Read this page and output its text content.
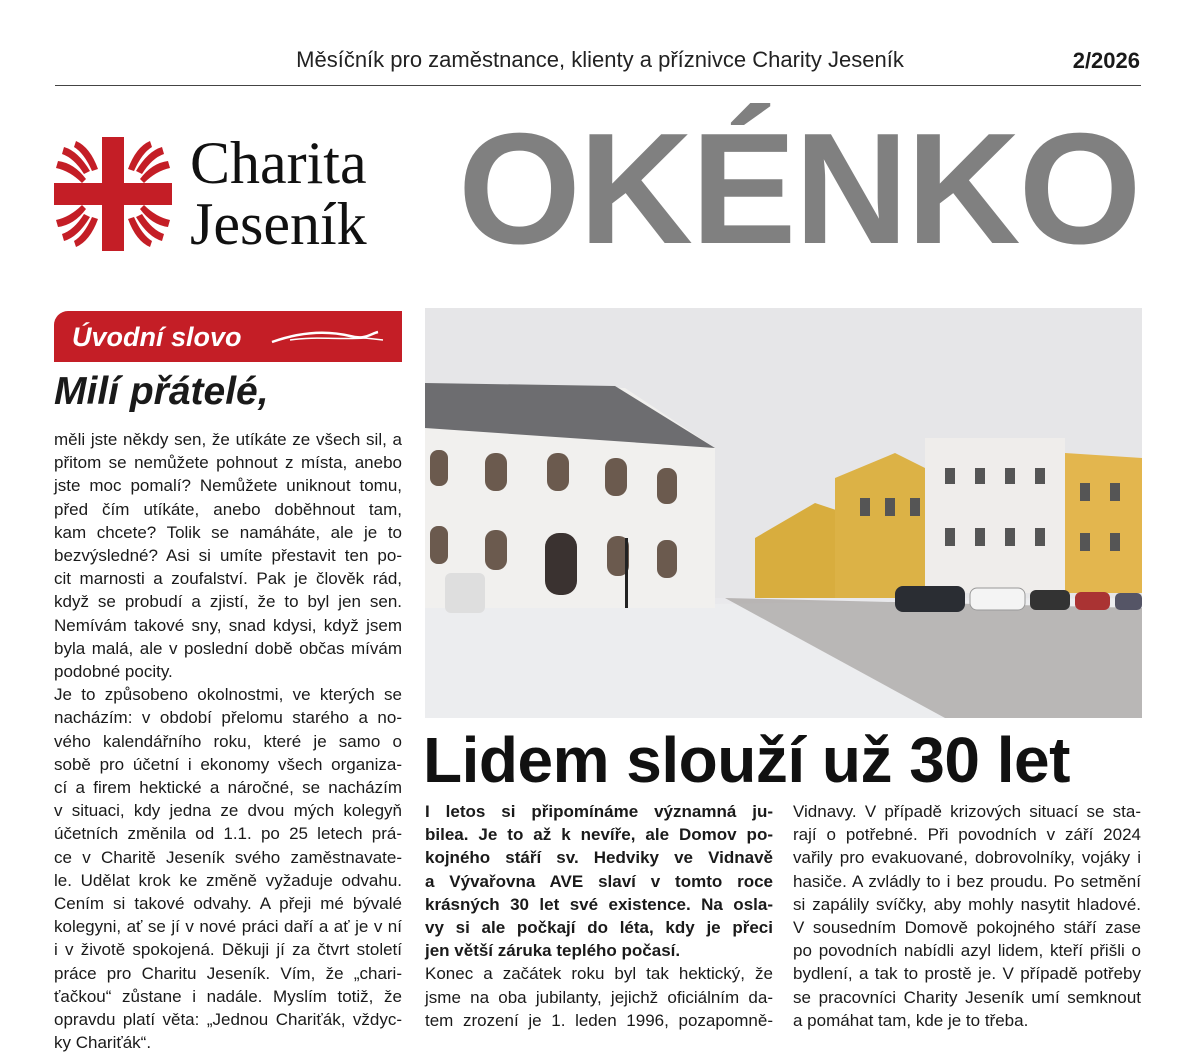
Měsíčník pro zaměstnance, klienty a příznivce Charity Jeseník	2/2026
Charita
Jeseník OKÉNKO
Úvodní slovo
Milí přátelé,
měli jste někdy sen, že utíkáte ze všech sil, a
přitom se nemůžete pohnout z místa, anebo
jste moc pomalí? Nemůžete uniknout tomu,
před čím utíkáte, anebo doběhnout tam,
kam chcete? Tolik se namáháte, ale je to
bezvýsledné? Asi si umíte přestavit ten po-
cit marnosti a zoufalství. Pak je člověk rád,
když se probudí a zjistí, že to byl jen sen.
Nemívám takové sny, snad kdysi, když jsem
byla malá, ale v poslední době občas mívám
podobné pocity.
Je to způsobeno okolnostmi, ve kterých se
nacházím: v období přelomu starého a no-
vého kalendářního roku, které je samo o
sobě pro účetní i ekonomy všech organiza-
cí a firem hektické a náročné, se nacházím
v situaci, kdy jedna ze dvou mých kolegyň
účetních změnila od 1.1. po 25 letech prá-
ce v Charitě Jeseník svého zaměstnavate-
le. Udělat krok ke změně vyžaduje odvahu.
Cením si takové odvahy. A přeji mé bývalé
kolegyni, ať se jí v nové práci daří a ať je v ní
i v životě spokojená. Děkuji jí za čtvrt století
práce pro Charitu Jeseník. Vím, že „chari-
ťačkou“ zůstane i nadále. Myslím totiž, že
opravdu platí věta: „Jednou Chariťák, vždyc-
ky Chariťák“.
Lidem slouží už 30 let
I letos si připomínáme významná ju-
bilea. Je to až k nevíře, ale Domov po-
kojného stáří sv. Hedviky ve Vidnavě
a Vývařovna AVE slaví v tomto roce
krásných 30 let své existence. Na osla-
vy si ale počkají do léta, kdy je přeci
jen větší záruka teplého počasí.
Konec a začátek roku byl tak hektický, že
jsme na oba jubilanty, jejichž oficiálním da-
tem zrození je 1. leden 1996, pozapomně-
Vidnavy. V případě krizových situací se sta-
rají o potřebné. Při povodních v září 2024
vařily pro evakuované, dobrovolníky, vojáky i
hasiče. A zvládly to i bez proudu. Po setmění
si zapálily svíčky, aby mohly nasytit hladové.
V sousedním Domově pokojného stáří zase
po povodních nabídli azyl lidem, kteří přišli o
bydlení, a tak to prostě je. V případě potřeby
se pracovníci Charity Jeseník umí semknout
a pomáhat tam, kde je to třeba.
